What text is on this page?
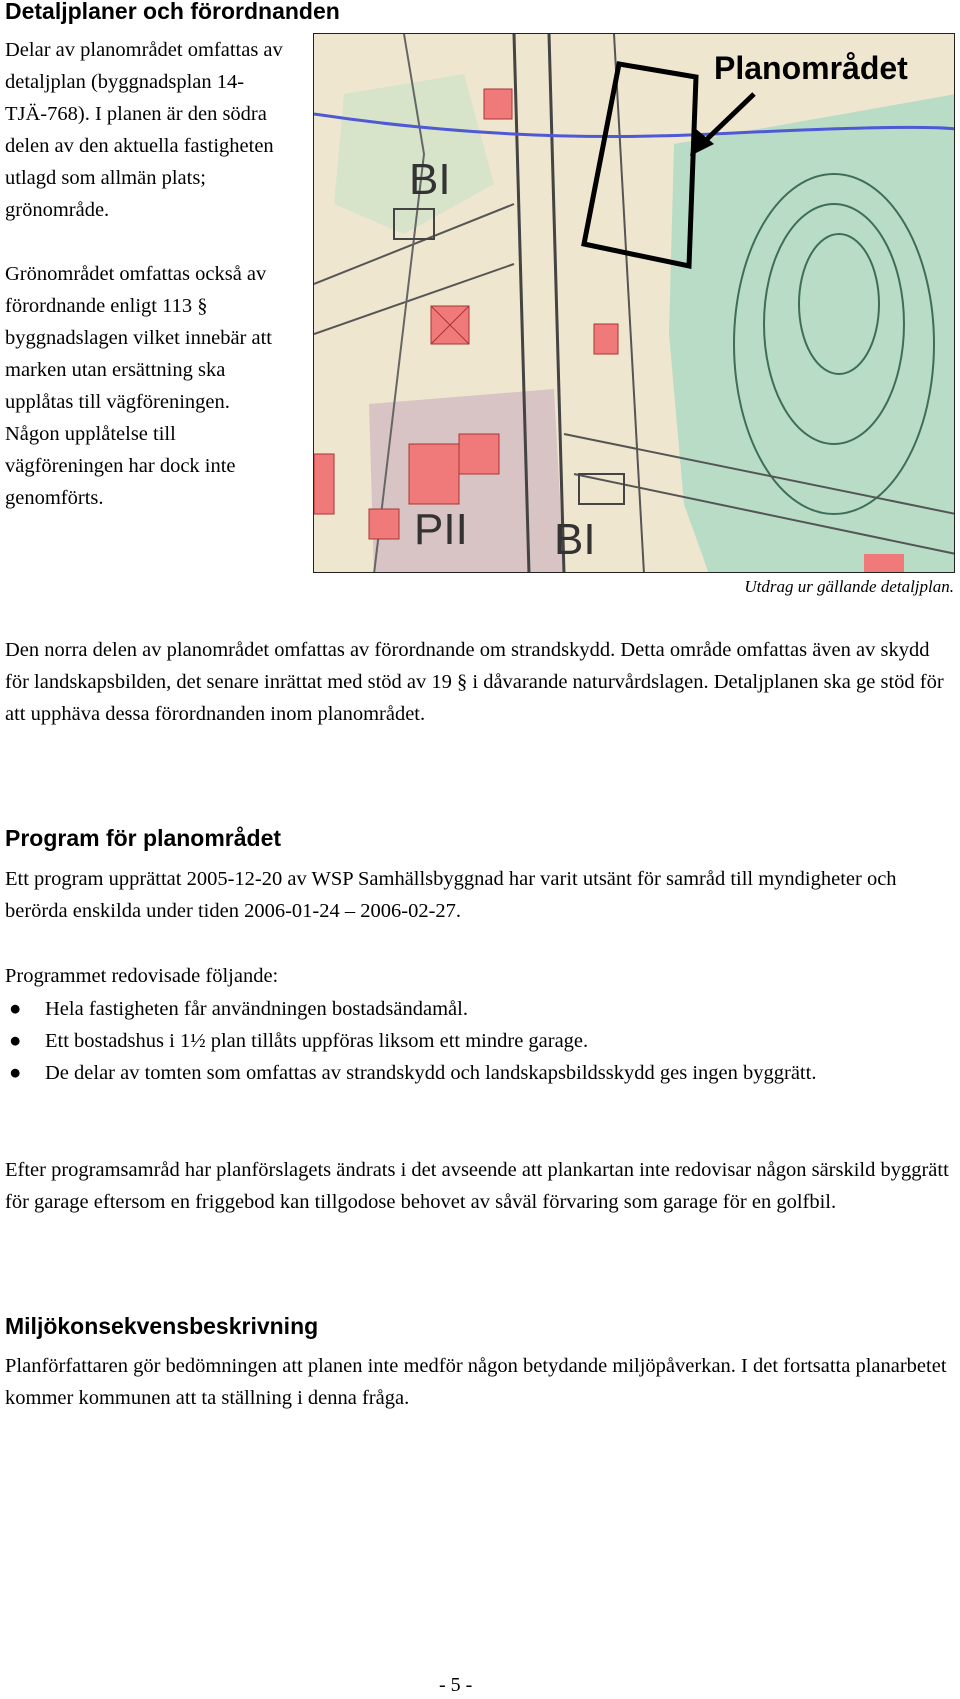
Detaljplaner och förordnanden

Delar av planområdet omfattas av detaljplan (byggnadsplan 14-TJÄ-768). I planen är den södra delen av den aktuella fastigheten utlagd som allmän plats; grönområde.

Grönområdet omfattas också av förordnande enligt 113 § byggnadslagen vilket innebär att marken utan ersättning ska upplåtas till vägföreningen. Någon upplåtelse till vägföreningen har dock inte genomförts.

BI
BI
PII
Planområdet
Utdrag ur gällande detaljplan.

Den norra delen av planområdet omfattas av förordnande om strandskydd. Detta område omfattas även av skydd för landskapsbilden, det senare inrättat med stöd av 19 § i dåvarande naturvårdslagen. Detaljplanen ska ge stöd för att upphäva dessa förordnanden inom planområdet.

Program för planområdet

Ett program upprättat 2005-12-20 av WSP Samhällsbyggnad har varit utsänt för samråd till myndigheter och berörda enskilda under tiden 2006-01-24 – 2006-02-27.

Programmet redovisade följande:

● Hela fastigheten får användningen bostadsändamål.
● Ett bostadshus i 1½ plan tillåts uppföras liksom ett mindre garage.
● De delar av tomten som omfattas av strandskydd och landskapsbildsskydd ges ingen byggrätt.

Efter programsamråd har planförslagets ändrats i det avseende att plankartan inte redovisar någon särskild byggrätt för garage eftersom en friggebod kan tillgodose behovet av såväl förvaring som garage för en golfbil.

Miljökonsekvensbeskrivning

Planförfattaren gör bedömningen att planen inte medför någon betydande miljöpåverkan. I det fortsatta planarbetet kommer kommunen att ta ställning i denna fråga.

- 5 -
